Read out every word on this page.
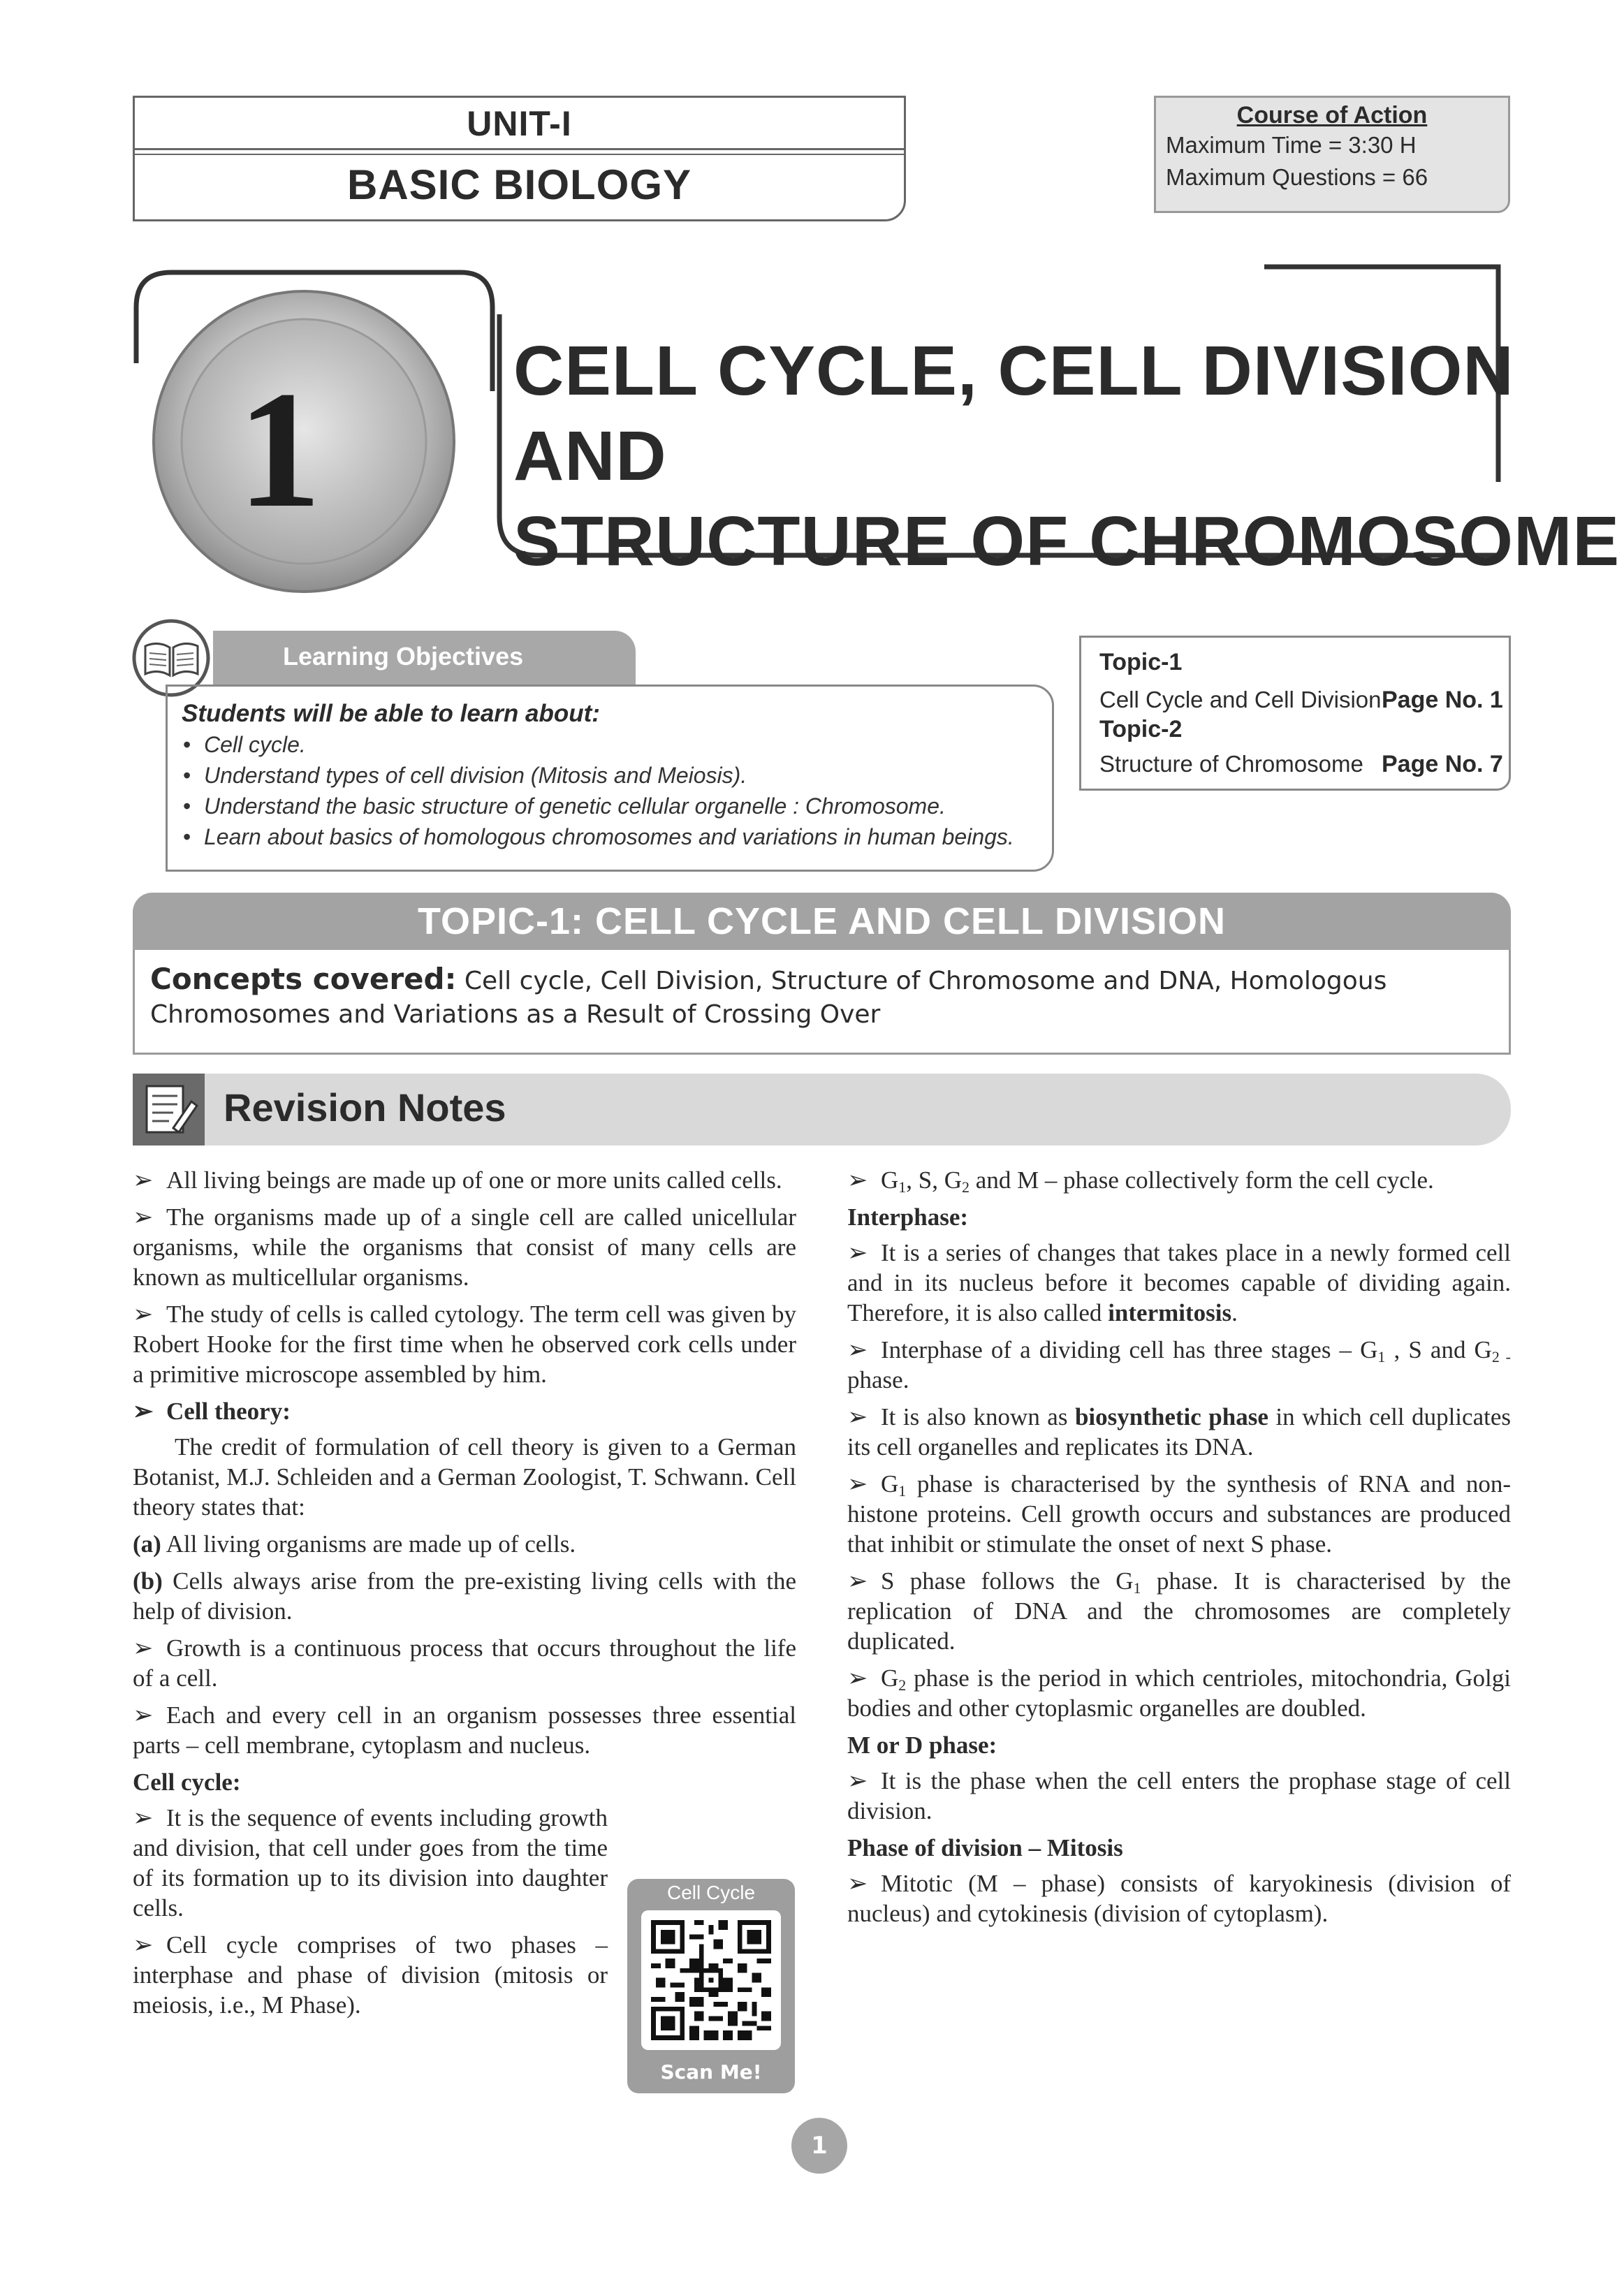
UNIT-I
BASIC BIOLOGY
Course of Action
Maximum Time = 3:30 H
Maximum Questions = 66
1	CELL CYCLE, CELL DIVISION AND
STRUCTURE OF CHROMOSOME
Learning Objectives
Students will be able to learn about:
• Cell cycle.
• Understand types of cell division (Mitosis and Meiosis).
• Understand the basic structure of genetic cellular organelle : Chromosome.
• Learn about basics of homologous chromosomes and variations in human beings.
Topic-1
Cell Cycle and Cell Division Page No. 1
Topic-2
Structure of Chromosome Page No. 7
TOPIC-1: CELL CYCLE AND CELL DIVISION
Concepts covered: Cell cycle, Cell Division, Structure of Chromosome and DNA, Homologous Chromosomes and Variations as a Result of Crossing Over
Revision Notes
➢ All living beings are made up of one or more units called cells.
➢ The organisms made up of a single cell are called unicellular organisms, while the organisms that consist of many cells are known as multicellular organisms.
➢ The study of cells is called cytology. The term cell was given by Robert Hooke for the first time when he observed cork cells under a primitive microscope assembled by him.
➢ Cell theory:
The credit of formulation of cell theory is given to a German Botanist, M.J. Schleiden and a German Zoologist, T. Schwann. Cell theory states that:
(a) All living organisms are made up of cells.
(b) Cells always arise from the pre-existing living cells with the help of division.
➢ Growth is a continuous process that occurs throughout the life of a cell.
➢ Each and every cell in an organism possesses three essential parts – cell membrane, cytoplasm and nucleus.
Cell cycle:
➢ It is the sequence of events including growth and division, that cell under goes from the time of its formation up to its division into daughter cells.
➢ Cell cycle comprises of two phases – interphase and phase of division (mitosis or meiosis, i.e., M Phase).
Cell Cycle
Scan Me!
➢ $G_1$, S, $G_2$ and M – phase collectively form the cell cycle.
Interphase:
➢ It is a series of changes that takes place in a newly formed cell and in its nucleus before it becomes capable of dividing again. Therefore, it is also called intermitosis.
➢ Interphase of a dividing cell has three stages – $G_1$ , S and $G_{2 -}phase$.
➢ It is also known as biosynthetic phase in which cell duplicates its cell organelles and replicates its DNA.
➢ $G_1$ phase is characterised by the synthesis of RNA and non-histone proteins. Cell growth occurs and substances are produced that inhibit or stimulate the onset of next S phase.
➢ S phase follows the $G_1$ phase. It is characterised by the replication of DNA and the chromosomes are completely duplicated.
➢ $G_2$ phase is the period in which centrioles, mitochondria, Golgi bodies and other cytoplasmic organelles are doubled.
M or D phase:
➢ It is the phase when the cell enters the prophase stage of cell division.
Phase of division – Mitosis
➢ Mitotic (M – phase) consists of karyokinesis (division of nucleus) and cytokinesis (division of cytoplasm).
1
